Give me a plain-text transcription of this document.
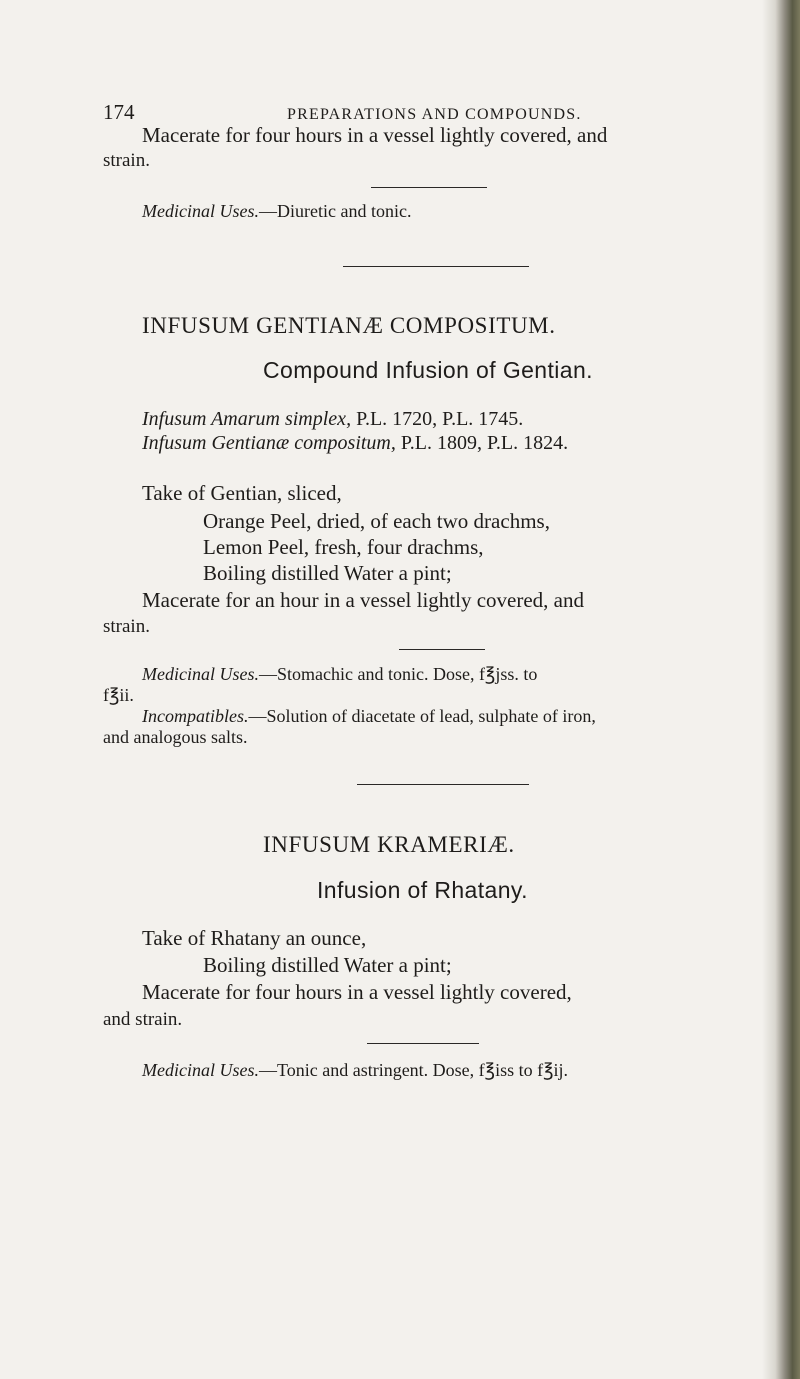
174	PREPARATIONS AND COMPOUNDS.
Macerate for four hours in a vessel lightly covered, and
strain.
Medicinal Uses.—Diuretic and tonic.
INFUSUM GENTIANÆ COMPOSITUM.
Compound Infusion of Gentian.
Infusum Amarum simplex, P.L. 1720, P.L. 1745.
Infusum Gentianæ compositum, P.L. 1809, P.L. 1824.
Take of Gentian, sliced,
Orange Peel, dried, of each two drachms,
Lemon Peel, fresh, four drachms,
Boiling distilled Water a pint;
Macerate for an hour in a vessel lightly covered, and
strain.
Medicinal Uses.—Stomachic and tonic. Dose, f℥jss. to
f℥ii.
Incompatibles.—Solution of diacetate of lead, sulphate of iron,
and analogous salts.
INFUSUM KRAMERIÆ.
Infusion of Rhatany.
Take of Rhatany an ounce,
Boiling distilled Water a pint;
Macerate for four hours in a vessel lightly covered,
and strain.
Medicinal Uses.—Tonic and astringent. Dose, f℥iss to f℥ij.
